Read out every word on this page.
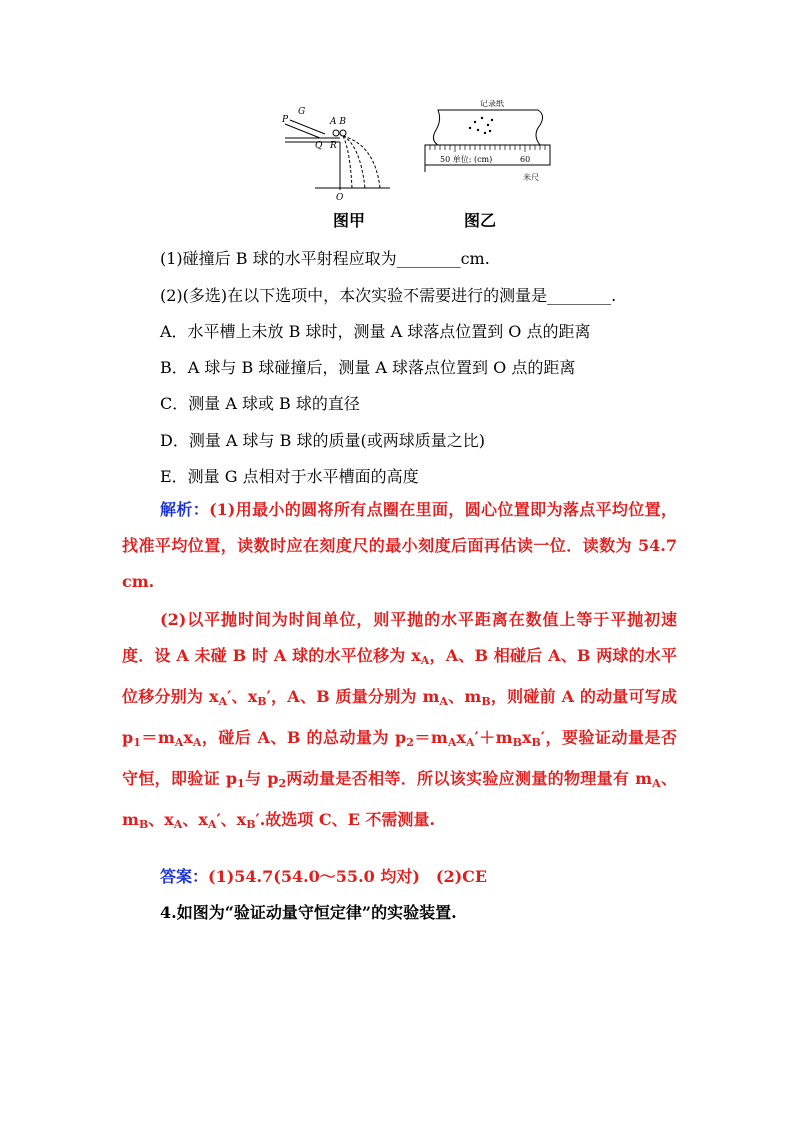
P
G
A B
Q R
O
记录纸
50 单位: (cm)	60
米尺
图甲	图乙
(1)碰撞后 B 球的水平射程应取为________cm.
(2)(多选)在以下选项中，本次实验不需要进行的测量是________.
A．水平槽上未放 B 球时，测量 A 球落点位置到 O 点的距离
B．A 球与 B 球碰撞后，测量 A 球落点位置到 O 点的距离
C．测量 A 球或 B 球的直径
D．测量 A 球与 B 球的质量(或两球质量之比)
E．测量 G 点相对于水平槽面的高度
解析：(1)用最小的圆将所有点圈在里面，圆心位置即为落点平均位置，找准平均位置，读数时应在刻度尺的最小刻度后面再估读一位．读数为 54.7 cm.
(2)以平抛时间为时间单位，则平抛的水平距离在数值上等于平抛初速度．设 A 未碰 B 时 A 球的水平位移为 $x_A$，A、B 相碰后 A、B 两球的水平位移分别为 $x_A'$、$x_B'$，A、B 质量分别为 $m_A$、$m_B$，则碰前 A 的动量可写成 $p_1=m_Ax_A$，碰后 A、B 的总动量为 $p_2=m_Ax_A'+m_Bx_B'$，要验证动量是否守恒，即验证 $p_1$与 $p_2$两动量是否相等．所以该实验应测量的物理量有 $m_A$、$m_B$、$x_A$、$x_A'$、$x_B'$.故选项 C、E 不需测量.
答案：(1)54.7(54.0～55.0 均对)　(2)CE
4.如图为“验证动量守恒定律”的实验装置.
